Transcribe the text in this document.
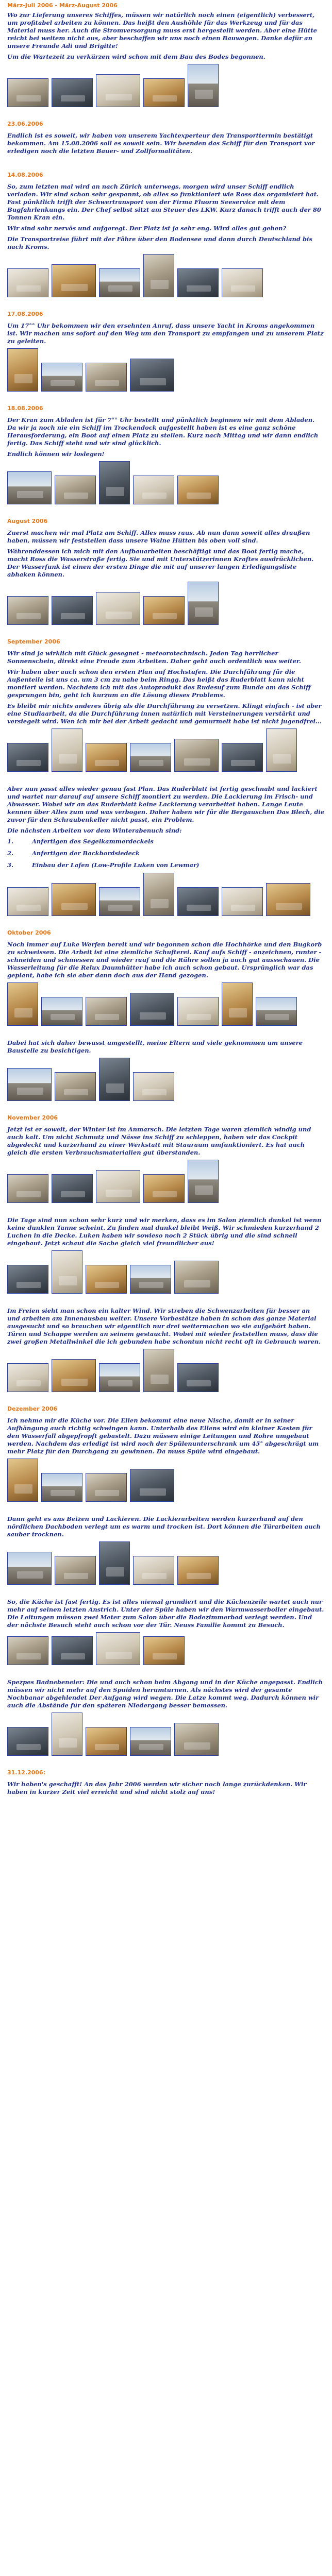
März-Juli 2006 - März-August 2006

Wo zur Lieferung unseres Schiffes, müssen wir natürlich noch einen (eigentlich) verbessert, um profitabel arbeiten zu können. Das heißt den Aushöhle für das Werkzeug und für das Material muss her. Auch die Stromversorgung muss erst hergestellt werden. Aber eine Hütte reicht bei weitem nicht aus, aber beschaffen wir uns noch einen Bauwagen. Danke dafür an unsere Freunde Adi und Brigitte!

Um die Wartezeit zu verkürzen wird schon mit dem Bau des Bodes begonnen.

23.06.2006

Endlich ist es soweit, wir haben von unserem Yachtexperteur den Transporttermin bestätigt bekommen. Am 15.08.2006 soll es soweit sein. Wir beenden das Schiff für den Transport vor erledigen noch die letzten Bauer- und Zollformalitäten.

14.08.2006

So, zum letzten mal wird an nach Zürich unterwegs, morgen wird unser Schiff endlich verladen. Wir sind schon sehr gespannt, ob alles so funktioniert wie Ross das organisiert hat. Fast pünktlich trifft der Schwertransport von der Firma Fluorm Seeservice mit dem Bugfahrlenkungs ein. Der Chef selbst sitzt am Steuer des LKW. Kurz danach trifft auch der 80 Tonnen Kran ein.

Wir sind sehr nervös und aufgeregt. Der Platz ist ja sehr eng. Wird alles gut gehen?

Die Transportreise führt mit der Fähre über den Bodensee und dann durch Deutschland bis nach Kroms.

17.08.2006

Um 17°° Uhr bekommen wir den ersehnten Anruf, dass unsere Yacht in Kroms angekommen ist. Wir machen uns sofort auf den Weg um den Transport zu empfangen und zu unserem Platz zu geleiten.

18.08.2006

Der Kran zum Abladen ist für 7°° Uhr bestellt und pünktlich beginnen wir mit dem Abladen. Da wir ja noch nie ein Schiff im Trockendock aufgestellt haben ist es eine ganz schöne Herausforderung, ein Boot auf einen Platz zu stellen. Kurz nach Mittag und wir dann endlich fertig. Das Schiff steht und wir sind glücklich.

Endlich können wir loslegen!

August 2006

Zuerst machen wir mal Platz am Schiff. Alles muss raus. Ab nun dann soweit alles draußen haben, müssen wir feststellen dass unsere Walne Hütten bis oben voll sind.

Währenddessen ich mich mit den Aufbauarbeiten beschäftigt und das Boot fertig mache, macht Ross die Wasserstraße fertig. Sie und mit Unterstützerinnen Kraftes ausdrücklichen. Der Wasserfunk ist einen der ersten Dinge die mit auf unserer langen Erledigungsliste abhaken können.

September 2006

Wir sind ja wirklich mit Glück gesegnet - meteorotechnisch. Jeden Tag herrlicher Sonnenschein, direkt eine Freude zum Arbeiten. Daher geht auch ordentlich was weiter.

Wir haben aber auch schon den ersten Plan auf Hochstufen. Die Durchführung für die Außenteile ist uns ca. um 3 cm zu nahe beim Ringg. Das heißt das Ruderblatt kann nicht montiert werden. Nachdem ich mit das Autoprodukt des Rudesuf zum Bunde am das Schiff gesprungen bin, geht ich kurzum an die Lösung dieses Problems.

Es bleibt mir nichts anderes übrig als die Durchführung zu versetzen. Klingt einfach - ist aber eine Studiaarbeit, da die Durchführung innen natürlich mit Versteinerungen verstärkt und versiegelt wird. Wen ich mir bei der Arbeit gedacht und gemurmelt habe ist nicht jugendfrei...

Aber nun passt alles wieder genau fast Plan. Das Ruderblatt ist fertig geschnabt und lackiert und wartet nur darauf auf unsere Schiff montiert zu werden. Die Lackierung im Frisch- und Abwasser. Wobei wir an das Ruderblatt keine Lackierung verarbeitet haben. Lange Leute kennen über Alles zum und was verbogen. Daher haben wir für die Bergauschen Das Blech, die zuvor für den Schraubenkeller nicht passt, ein Problem.

Die nächsten Arbeiten vor dem Winterabenuch sind:

1.	Anfertigen des Segelkammerdeckels
2.	Anfertigen der Backbordsiedeck
3.	Einbau der Lafen (Low-Profile Luken von Lewmar)
Oktober 2006

Noch immer auf Luke Werfen bereit und wir begonnen schon die Hochhörke und den Bugkorb zu schweissen. Die Arbeit ist eine ziemliche Schufterei. Kauf aufs Schiff - anzeichnen, runter - schneiden und schmessen und wieder rauf und die Rühre sollen ja auch gut aussschauen. Die Wasserleitung für die Relux Daumhütter habe ich auch schon gebaut. Ursprünglich war das geplant, habe ich sie aber dann doch aus der Hand gezogen.

Dabei hat sich daher bewusst umgestellt, meine Eltern und viele geknommen um unsere Baustelle zu besichtigen.

November 2006

Jetzt ist er soweit, der Winter ist im Anmarsch. Die letzten Tage waren ziemlich windig und auch kalt. Um nicht Schmutz und Nässe ins Schiff zu schleppen, haben wir das Cockpit abgedeckt und kurzerhand zu einer Werkstatt mit Stauraum umfunktioniert. Es hat auch gleich die ersten Verbrauchsmaterialien gut überstanden.

Die Tage sind nun schon sehr kurz und wir merken, dass es im Salon ziemlich dunkel ist wenn keine dunklen Tanne scheint. Zu finden mal dunkel bleibt Weiß. Wir schmieden kurzerhand 2 Luchen in die Decke. Luken haben wir sowieso noch 2 Stück übrig und die sind schnell eingebaut. Jetzt schaut die Sache gleich viel freundlicher aus!

Im Freien sieht man schon ein kalter Wind. Wir streben die Schwenzarbeiten für besser an und arbeiten am Innenausbau weiter. Unsere Vorbestätze haben in schon das ganze Material ausgesucht und so brauchen wir eigentlich nur drei weitermachen wo sie aufgehört haben. Türen und Schappe werden an seinem gestaucht. Wobei mit wieder feststellen muss, dass die zwei großen Metallwinkel die ich gebunden habe schontun nicht recht oft in Gebrauch waren.

Dezember 2006

Ich nehme mir die Küche vor. Die Ellen bekommt eine neue Nische, damit er in seiner Aufhängung auch richtig schwingen kann. Unterhalb des Ellens wird ein kleiner Kasten für den Wasserfall abgepfropft gebastelt. Dazu müssen einige Leitungen und Rohre umgebaut werden. Nachdem das erledigt ist wird noch der Spülenunterschrank um 45° abgeschrägt um mehr Platz für den Durchgang zu gewinnen. Da muss Spüle wird eingebaut.

Dann geht es ans Beizen und Lackieren. Die Lackierarbeiten werden kurzerhand auf den nördlichen Dachboden verlegt um es warm und trocken ist. Dort können die Türarbeiten auch sauber trocknen.

So, die Küche ist fast fertig. Es ist alles niemal grundiert und die Küchenzeile wartet auch nur mehr auf seinen letzten Anstrich. Unter der Spüle haben wir den Warmwasserboiler eingebaut. Die Leitungen müssen zwei Meter zum Salon über die Badezimmerbad verlegt werden. Und der nächste Besuch steht auch schon vor der Tür. Neuss Familie kommt zu Besuch.

Spezpes Badnebeneier: Die und auch schon beim Abgang und in der Küche angepasst. Endlich müssen wir nicht mehr auf den Spuiden herumturnen. Als nächstes wird der gesamte Nochbanar abgehlendet Der Aufgang wird wegen. Die Latze kommt weg. Dadurch können wir auch die Abstände für den späteren Niedergang besser bemessen.

31.12.2006:

Wir haben's geschafft! An das Jahr 2006 werden wir sicher noch lange zurückdenken. Wir haben in kurzer Zeit viel erreicht und sind nicht stolz auf uns!
